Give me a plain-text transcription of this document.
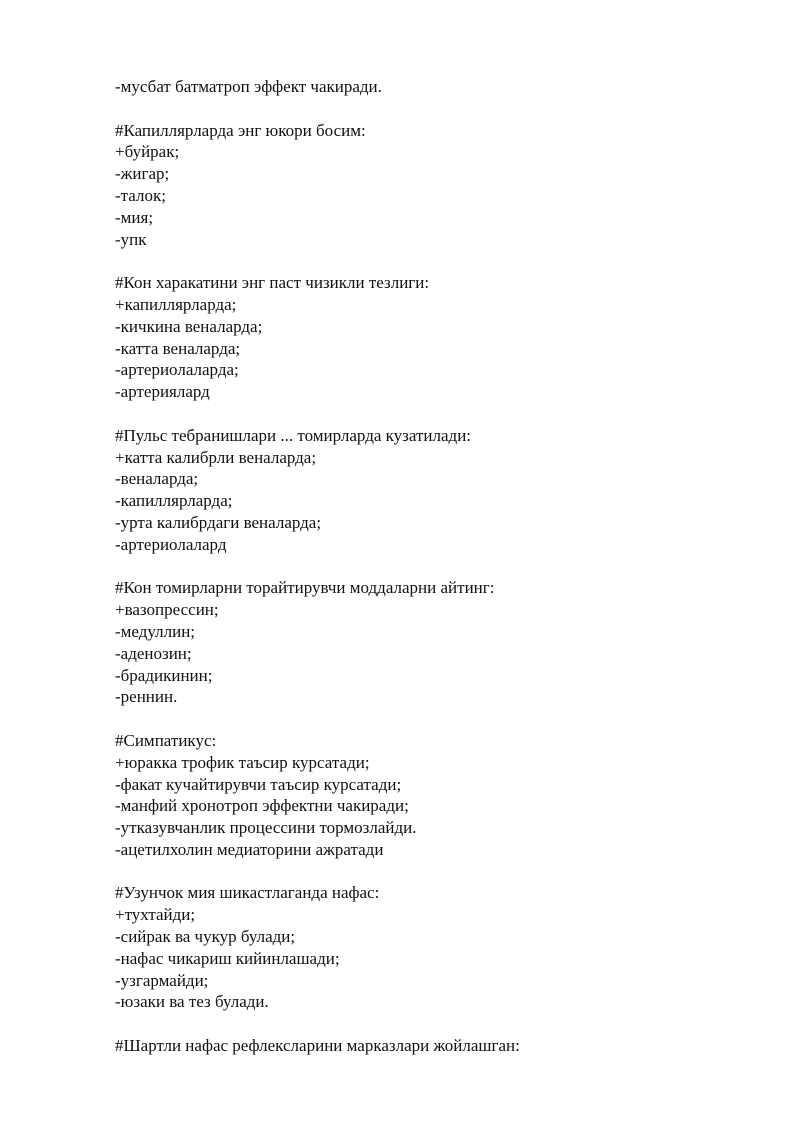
-мусбат батматроп эффект чакиради.
#Капиллярларда энг юкори босим:
+буйрак;
-жигар;
-талок;
-мия;
-упк
#Кон харакатини энг паст чизикли тезлиги:
+капиллярларда;
-кичкина веналарда;
-катта веналарда;
-артериолаларда;
-артериялард
#Пульс тебранишлари ... томирларда кузатилади:
+катта калибрли веналарда;
-веналарда;
-капиллярларда;
-урта калибрдаги веналарда;
-артериолалард
#Кон томирларни торайтирувчи моддаларни айтинг:
+вазопрессин;
-медуллин;
-аденозин;
-брадикинин;
-реннин.
#Симпатикус:
+юракка трофик таъсир курсатади;
-факат кучайтирувчи таъсир курсатади;
-манфий хронотроп эффектни чакиради;
-утказувчанлик процессини тормозлайди.
-ацетилхолин медиаторини ажратади
#Узунчок мия шикастлаганда нафас:
+тухтайди;
-сийрак ва чукур булади;
-нафас чикариш кийинлашади;
-узгармайди;
-юзаки ва тез булади.
#Шартли нафас рефлексларини марказлари жойлашган:
